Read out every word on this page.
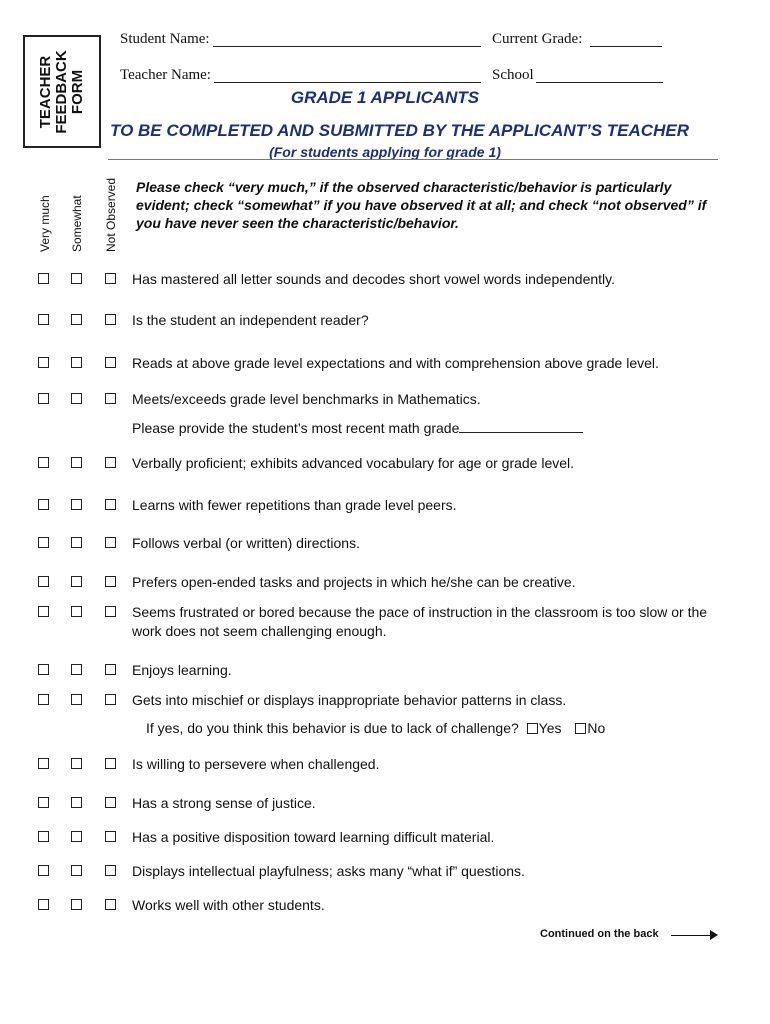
TEACHER
FEEDBACK
FORM
Student Name:	Current Grade:
Teacher Name:	School
GRADE 1 APPLICANTS
TO BE COMPLETED AND SUBMITTED BY THE APPLICANT’S TEACHER
(For students applying for grade 1)
Very much Somewhat Not Observed Please check “very much,” if the observed characteristic/behavior is particularly evident; check “somewhat” if you have observed it at all; and check “not observed” if you have never seen the characteristic/behavior.
Has mastered all letter sounds and decodes short vowel words independently.
Is the student an independent reader?
Reads at above grade level expectations and with comprehension above grade level.
Meets/exceeds grade level benchmarks in Mathematics.
Verbally proficient; exhibits advanced vocabulary for age or grade level.
Learns with fewer repetitions than grade level peers.
Follows verbal (or written) directions.
Prefers open-ended tasks and projects in which he/she can be creative.
Seems frustrated or bored because the pace of instruction in the classroom is too slow or the work does not seem challenging enough.
Enjoys learning.
Gets into mischief or displays inappropriate behavior patterns in class.
Is willing to persevere when challenged.
Has a strong sense of justice.
Has a positive disposition toward learning difficult material.
Displays intellectual playfulness; asks many “what if” questions.
Works well with other students.
Please provide the student’s most recent math grade
If yes, do you think this behavior is due to lack of challenge? Yes No
Continued on the back
